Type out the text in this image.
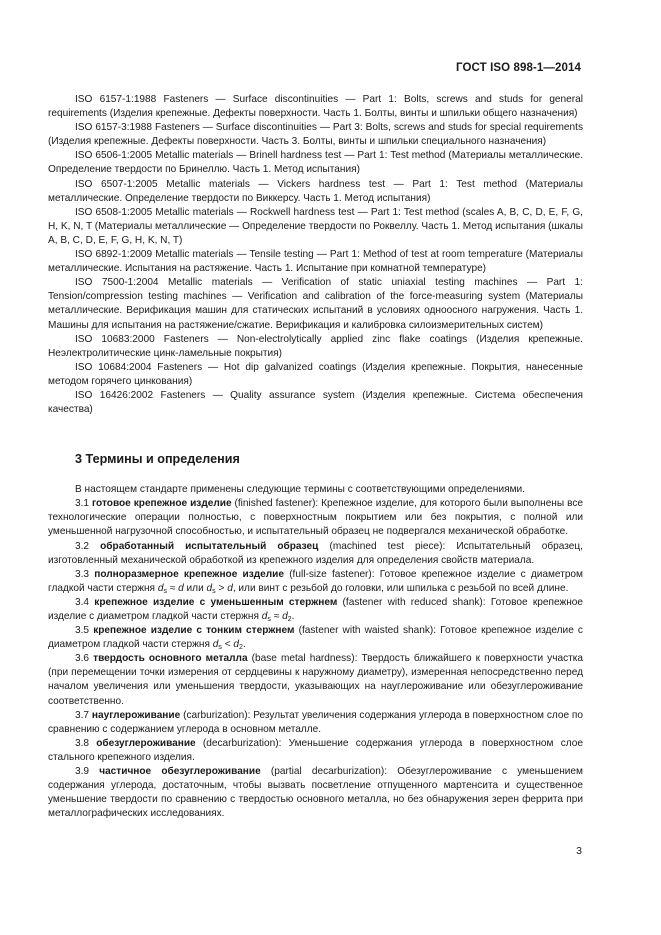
ГОСТ ISO 898-1—2014

ISO 6157-1:1988 Fasteners — Surface discontinuities — Part 1: Bolts, screws and studs for general requirements (Изделия крепежные. Дефекты поверхности. Часть 1. Болты, винты и шпильки общего назначения)

ISO 6157-3:1988 Fasteners — Surface discontinuities — Part 3: Bolts, screws and studs for special requirements (Изделия крепежные. Дефекты поверхности. Часть 3. Болты, винты и шпильки специального назначения)

ISO 6506-1:2005 Metallic materials — Brinell hardness test — Part 1: Test method (Материалы металлические. Определение твердости по Бринеллю. Часть 1. Метод испытания)

ISO 6507-1:2005 Metallic materials — Vickers hardness test — Part 1: Test method (Материалы металлические. Определение твердости по Виккерсу. Часть 1. Метод испытания)

ISO 6508-1:2005 Metallic materials — Rockwell hardness test — Part 1: Test method (scales A, B, C, D, E, F, G, H, K, N, T (Материалы металлические — Определение твердости по Роквеллу. Часть 1. Метод испытания (шкалы A, B, C, D, E, F, G, H, K, N, T)

ISO 6892-1:2009 Metallic materials — Tensile testing — Part 1: Method of test at room temperature (Материалы металлические. Испытания на растяжение. Часть 1. Испытание при комнатной температуре)

ISO 7500-1:2004 Metallic materials — Verification of static uniaxial testing machines — Part 1: Tension/compression testing machines — Verification and calibration of the force-measuring system (Материалы металлические. Верификация машин для статических испытаний в условиях одноосного нагружения. Часть 1. Машины для испытания на растяжение/сжатие. Верификация и калибровка силоизмерительных систем)

ISO 10683:2000 Fasteners — Non-electrolytically applied zinc flake coatings (Изделия крепежные. Неэлектролитические цинк-ламельные покрытия)

ISO 10684:2004 Fasteners — Hot dip galvanized coatings (Изделия крепежные. Покрытия, нанесенные методом горячего цинкования)

ISO 16426:2002 Fasteners — Quality assurance system (Изделия крепежные. Система обеспечения качества)

3 Термины и определения

В настоящем стандарте применены следующие термины с соответствующими определениями.

3.1 готовое крепежное изделие (finished fastener): Крепежное изделие, для которого были выполнены все технологические операции полностью, с поверхностным покрытием или без покрытия, с полной или уменьшенной нагрузочной способностью, и испытательный образец не подвергался механической обработке.

3.2 обработанный испытательный образец (machined test piece): Испытательный образец, изготовленный механической обработкой из крепежного изделия для определения свойств материала.

3.3 полноразмерное крепежное изделие (full-size fastener): Готовое крепежное изделие с диаметром гладкой части стержня $d_s \approx d$ или $d_s > d$, или винт с резьбой до головки, или шпилька с резьбой по всей длине.

3.4 крепежное изделие с уменьшенным стержнем (fastener with reduced shank): Готовое крепежное изделие с диаметром гладкой части стержня $d_s \approx d_2$.

3.5 крепежное изделие с тонким стержнем (fastener with waisted shank): Готовое крепежное изделие с диаметром гладкой части стержня $d_s < d_2$.

3.6 твердость основного металла (base metal hardness): Твердость ближайшего к поверхности участка (при перемещении точки измерения от сердцевины к наружному диаметру), измеренная непосредственно перед началом увеличения или уменьшения твердости, указывающих на науглероживание или обезуглероживание соответственно.

3.7 науглероживание (carburization): Результат увеличения содержания углерода в поверхностном слое по сравнению с содержанием углерода в основном металле.

3.8 обезуглероживание (decarburization): Уменьшение содержания углерода в поверхностном слое стального крепежного изделия.

3.9 частичное обезуглероживание (partial decarburization): Обезуглероживание с уменьшением содержания углерода, достаточным, чтобы вызвать посветление отпущенного мартенсита и существенное уменьшение твердости по сравнению с твердостью основного металла, но без обнаружения зерен феррита при металлографических исследованиях.

3
